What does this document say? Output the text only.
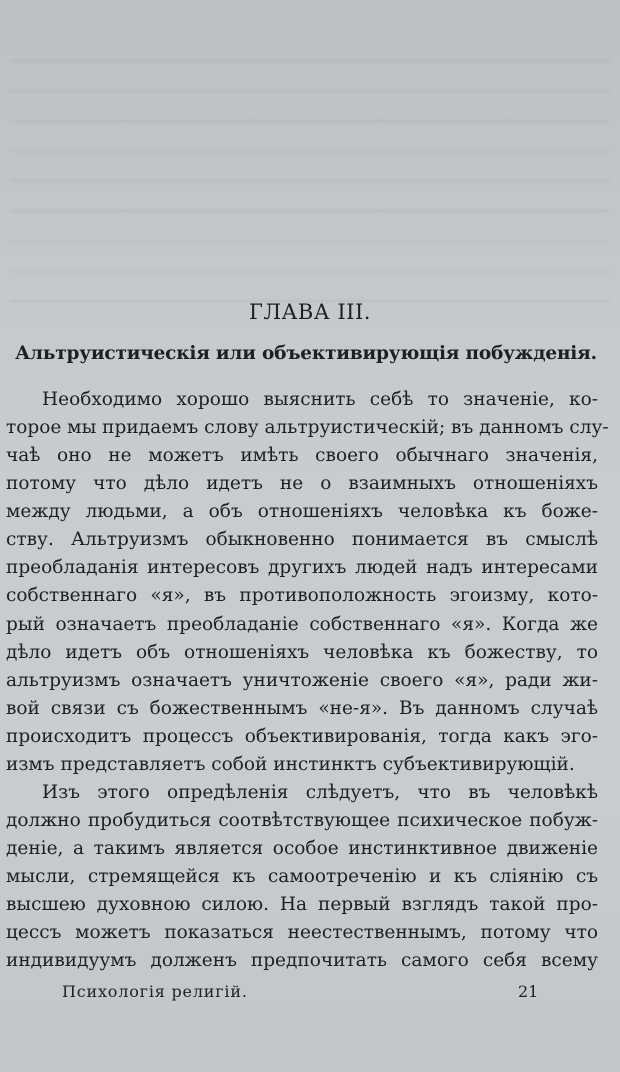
ГЛАВА III.
Альтруистическія или объективирующія побужденія.

Необходимо хорошо выяснить себѣ то значеніе, ко-

торое мы придаемъ слову альтруистическій; въ данномъ слу-

чаѣ оно не можетъ имѣть своего обычнаго значенія,

потому что дѣло идетъ не о взаимныхъ отношеніяхъ

между людьми, а объ отношеніяхъ человѣка къ боже-

ству. Альтруизмъ обыкновенно понимается въ смыслѣ

преобладанія интересовъ другихъ людей надъ интересами

собственнаго «я», въ противоположность эгоизму, кото-

рый означаетъ преобладаніе собственнаго «я». Когда же

дѣло идетъ объ отношеніяхъ человѣка къ божеству, то

альтруизмъ означаетъ уничтоженіе своего «я», ради жи-

вой связи съ божественнымъ «не-я». Въ данномъ случаѣ

происходитъ процессъ объективированія, тогда какъ эго-

измъ представляетъ собой инстинктъ субъективирующій.

Изъ этого опредѣленія слѣдуетъ, что въ человѣкѣ

должно пробудиться соотвѣтствующее психическое побуж-

деніе, а такимъ является особое инстинктивное движеніе

мысли, стремящейся къ самоотреченію и къ сліянію съ

высшею духовною силою. На первый взглядъ такой про-

цессъ можетъ показаться неестественнымъ, потому что

индивидуумъ долженъ предпочитать самого себя всему

Психологія религій.	21
